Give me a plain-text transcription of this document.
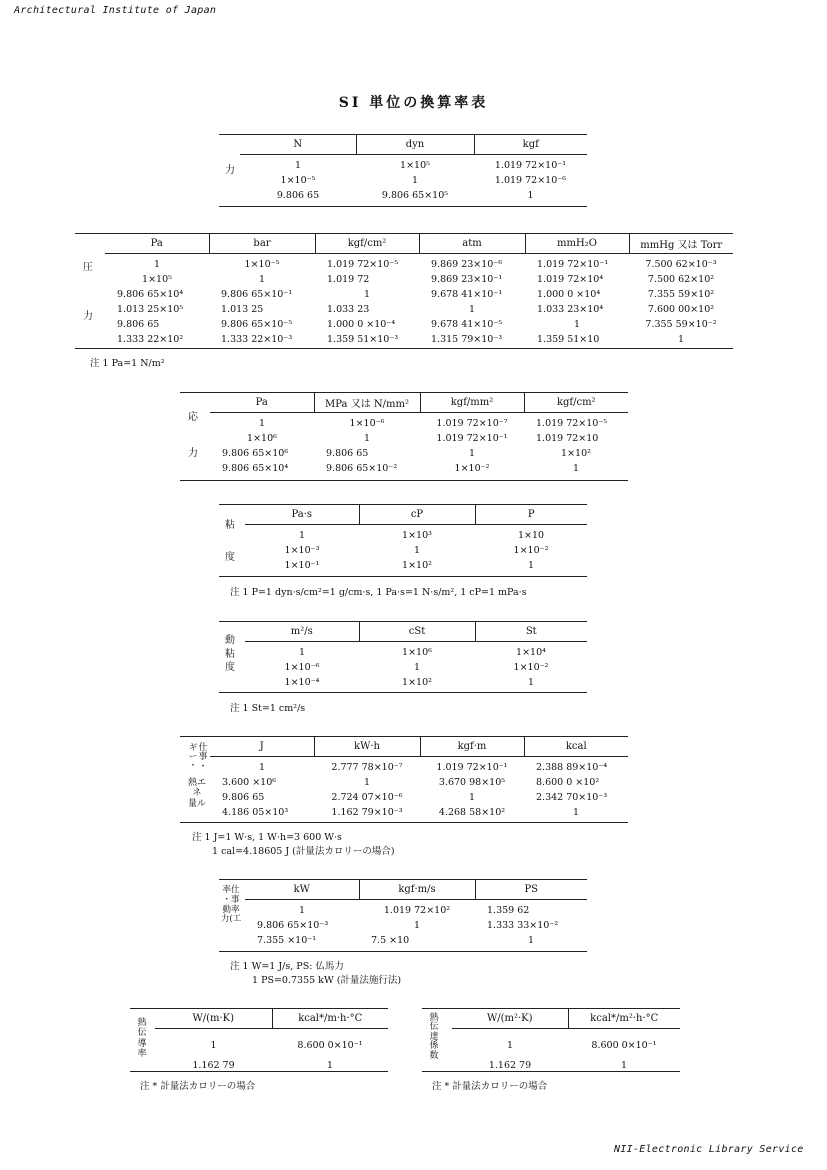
Architectural Institute of Japan
SI 単位の換算率表
力
N	dyn	kgf
1	1×10⁵	1.019 72×10⁻¹
1×10⁻⁵	1	1.019 72×10⁻⁶
9.806 65	9.806 65×10⁵	1
圧
力
Pa	bar	kgf/cm²	atm	mmH₂O	mmHg 又は Torr
1	1×10⁻⁵	1.019 72×10⁻⁵	9.869 23×10⁻⁶	1.019 72×10⁻¹	7.500 62×10⁻³
1×10⁵	1	1.019 72	9.869 23×10⁻¹	1.019 72×10⁴	7.500 62×10²
9.806 65×10⁴	9.806 65×10⁻¹	1	9.678 41×10⁻¹	1.000 0 ×10⁴	7.355 59×10²
1.013 25×10⁵	1.013 25	1.033 23	1	1.033 23×10⁴	7.600 00×10²
9.806 65	9.806 65×10⁻⁵	1.000 0 ×10⁻⁴	9.678 41×10⁻⁵	1	7.355 59×10⁻²
1.333 22×10²	1.333 22×10⁻³	1.359 51×10⁻³	1.315 79×10⁻³	1.359 51×10	1
注 1 Pa=1 N/m²
応
力
Pa	MPa 又は N/mm²	kgf/mm²	kgf/cm²
1	1×10⁻⁶	1.019 72×10⁻⁷	1.019 72×10⁻⁵
1×10⁶	1	1.019 72×10⁻¹	1.019 72×10
9.806 65×10⁶	9.806 65	1	1×10²
9.806 65×10⁴	9.806 65×10⁻²	1×10⁻²	1
粘
度
Pa·s	cP	P
1	1×10³	1×10
1×10⁻³	1	1×10⁻²
1×10⁻¹	1×10²	1
注 1 P=1 dyn·s/cm²=1 g/cm·s, 1 Pa·s=1 N·s/m², 1 cP=1 mPa·s
動
粘
度
m²/s	cSt	St
1	1×10⁶	1×10⁴
1×10⁻⁶	1	1×10⁻²
1×10⁻⁴	1×10²	1
注 1 St=1 cm²/s
ギ
ー
・
仕
事
・
熱エ
ネ
量ル
J	kW·h	kgf·m	kcal
1	2.777 78×10⁻⁷	1.019 72×10⁻¹	2.388 89×10⁻⁴
3.600 ×10⁶	1	3.670 98×10⁵	8.600 0 ×10²
9.806 65	2.724 07×10⁻⁶	1	2.342 70×10⁻³
4.186 05×10³	1.162 79×10⁻³	4.268 58×10²	1
注 1 J=1 W·s, 1 W·h=3 600 W·s
1 cal=4.18605 J (計量法カロリーの場合)
率仕
・事
動率
力(工
kW	kgf·m/s	PS
1	1.019 72×10²	1.359 62
9.806 65×10⁻³	1	1.333 33×10⁻²
7.355 ×10⁻¹	7.5 ×10	1
注 1 W=1 J/s, PS: 仏馬力
1 PS=0.7355 kW (計量法施行法)
熱
伝
導
率
W/(m·K)	kcal*/m·h·°C
1	8.600 0×10⁻¹
1.162 79	1
注 * 計量法カロリーの場合
熱
伝
達
係
数
W/(m²·K)	kcal*/m²·h·°C
1	8.600 0×10⁻¹
1.162 79	1
注 * 計量法カロリーの場合
NII-Electronic Library Service
